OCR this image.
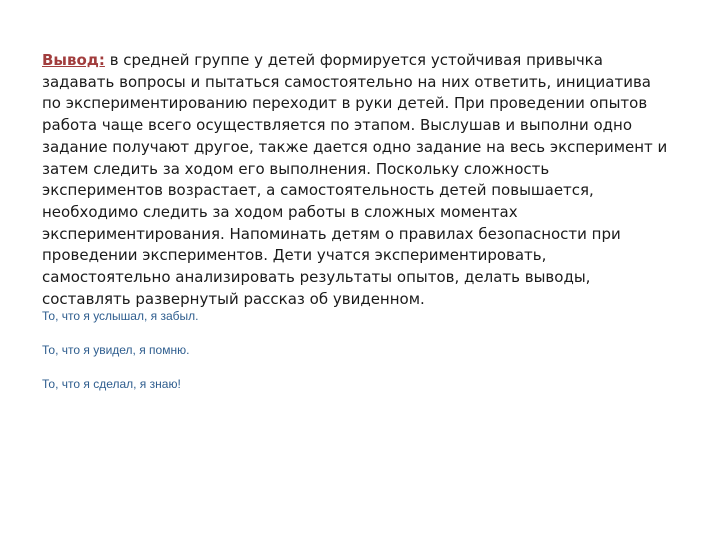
Вывод: в средней группе у детей формируется устойчивая привычка задавать вопросы и пытаться самостоятельно на них ответить, инициатива по экспериментированию переходит в руки детей. При проведении опытов работа чаще всего осуществляется по этапом. Выслушав и выполни одно задание получают другое, также дается одно задание на весь эксперимент и затем следить за ходом его выполнения. Поскольку сложность экспериментов возрастает, а самостоятельность детей повышается, необходимо следить за ходом работы в сложных моментах экспериментирования. Напоминать детям о правилах безопасности при проведении экспериментов. Дети учатся экспериментировать, самостоятельно анализировать результаты опытов, делать выводы, составлять развернутый рассказ об увиденном.

То, что я услышал, я забыл.
То, что я увидел, я помню.
То, что я сделал, я знаю!
